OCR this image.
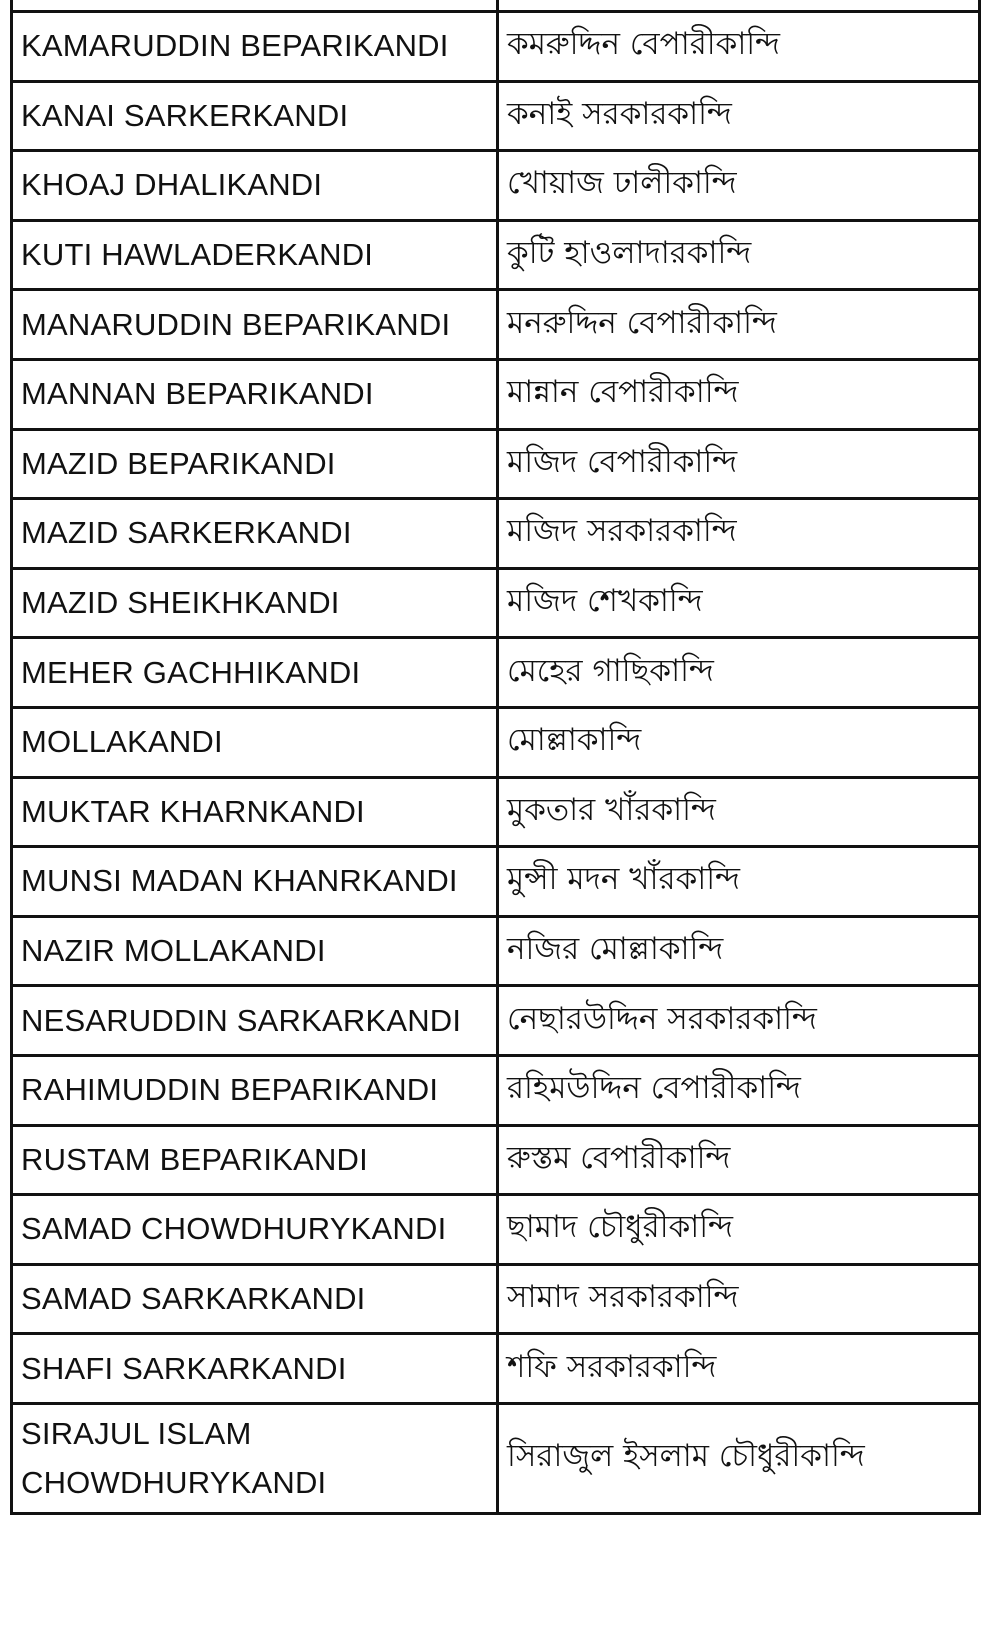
KAMARUDDIN BEPARIKANDI	কমরুদ্দিন বেপারীকান্দি
KANAI SARKERKANDI	কনাই সরকারকান্দি
KHOAJ DHALIKANDI	খোয়াজ ঢালীকান্দি
KUTI HAWLADERKANDI	কুটি হাওলাদারকান্দি
MANARUDDIN BEPARIKANDI	মনরুদ্দিন বেপারীকান্দি
MANNAN BEPARIKANDI	মান্নান বেপারীকান্দি
MAZID BEPARIKANDI	মজিদ বেপারীকান্দি
MAZID SARKERKANDI	মজিদ সরকারকান্দি
MAZID SHEIKHKANDI	মজিদ শেখকান্দি
MEHER GACHHIKANDI	মেহের গাছিকান্দি
MOLLAKANDI	মোল্লাকান্দি
MUKTAR KHARNKANDI	মুকতার খাঁরকান্দি
MUNSI MADAN KHANRKANDI	মুন্সী মদন খাঁরকান্দি
NAZIR MOLLAKANDI	নজির মোল্লাকান্দি
NESARUDDIN SARKARKANDI	নেছারউদ্দিন সরকারকান্দি
RAHIMUDDIN BEPARIKANDI	রহিমউদ্দিন বেপারীকান্দি
RUSTAM BEPARIKANDI	রুস্তম বেপারীকান্দি
SAMAD CHOWDHURYKANDI	ছামাদ চৌধুরীকান্দি
SAMAD SARKARKANDI	সামাদ সরকারকান্দি
SHAFI SARKARKANDI	শফি সরকারকান্দি
SIRAJUL ISLAM CHOWDHURYKANDI	সিরাজুল ইসলাম চৌধুরীকান্দি
